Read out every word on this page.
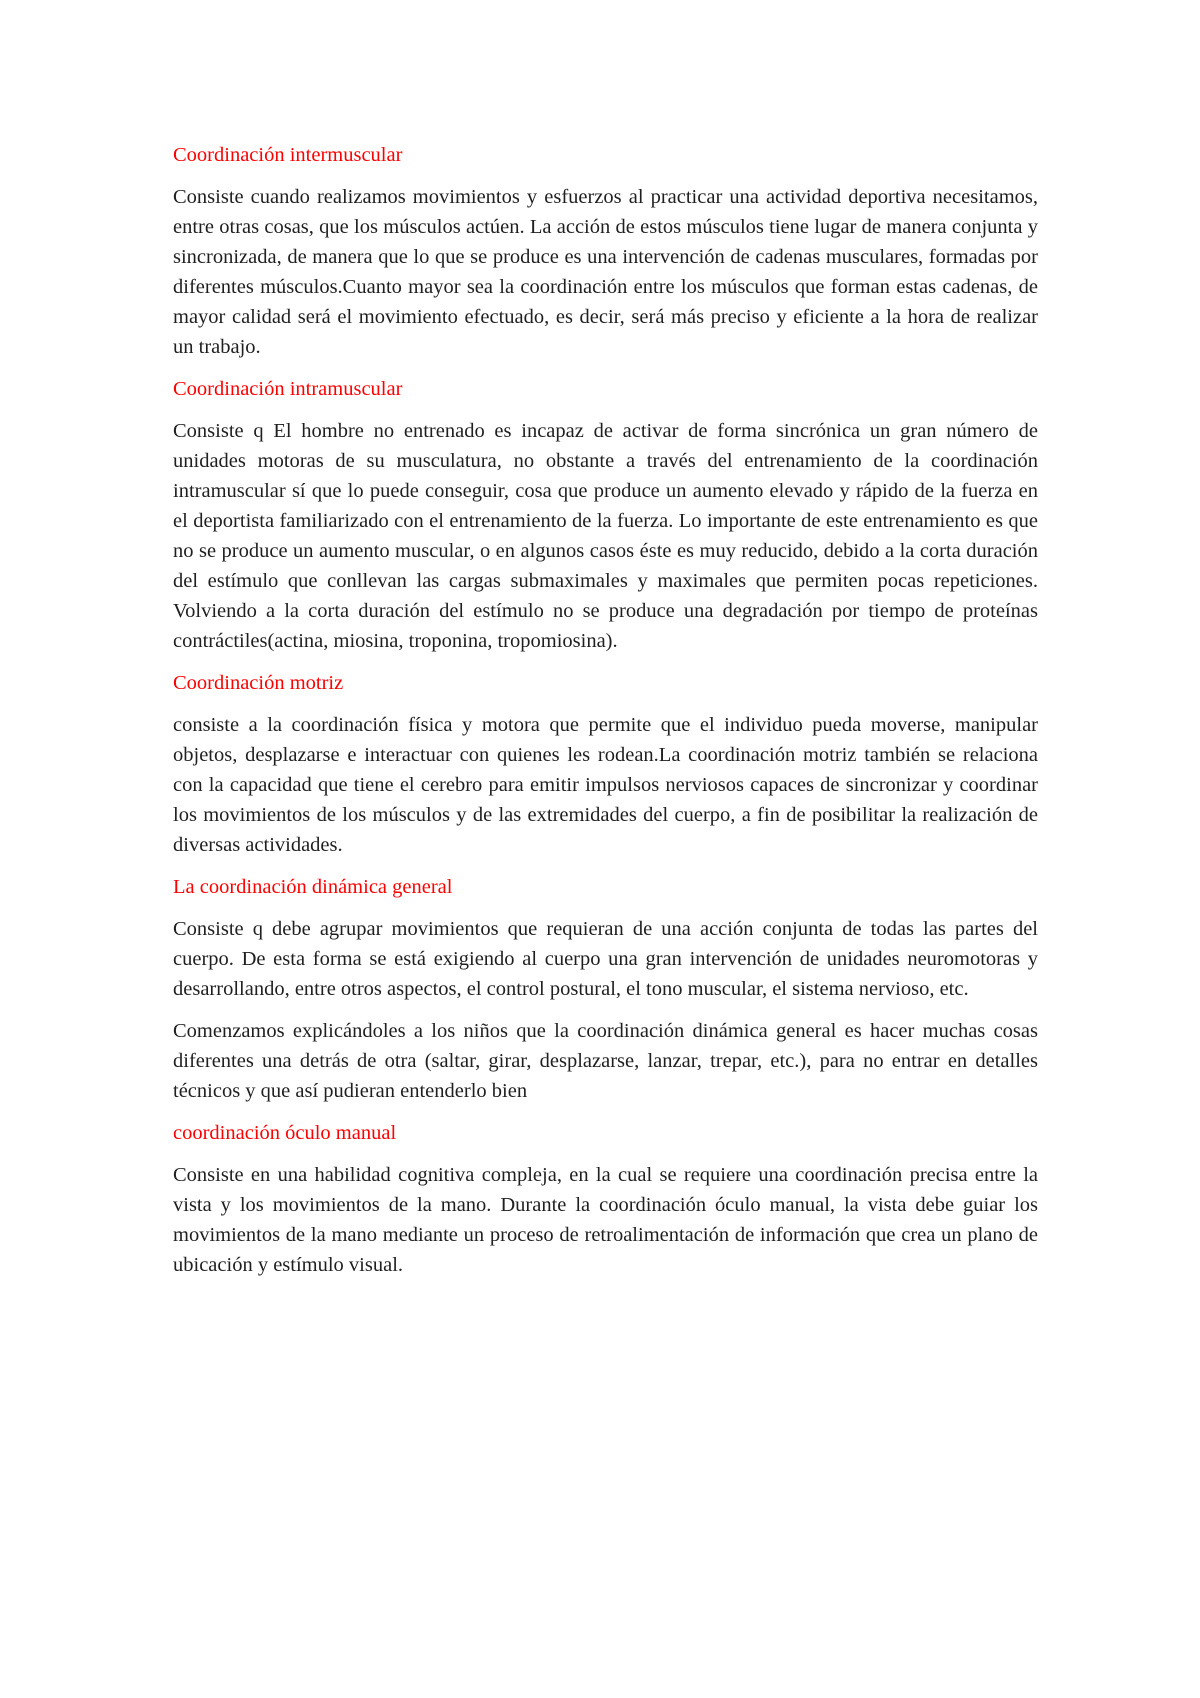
Coordinación intermuscular
Consiste cuando realizamos movimientos y esfuerzos al practicar una actividad deportiva necesitamos, entre otras cosas, que los músculos actúen. La acción de estos músculos tiene lugar de manera conjunta y sincronizada, de manera que lo que se produce es una intervención de cadenas musculares, formadas por diferentes músculos.Cuanto mayor sea la coordinación entre los músculos que forman estas cadenas, de mayor calidad será el movimiento efectuado, es decir, será más preciso y eficiente a la hora de realizar un trabajo.
Coordinación intramuscular
Consiste q El hombre no entrenado es incapaz de activar de forma sincrónica un gran número de unidades motoras de su musculatura, no obstante a través del entrenamiento de la coordinación intramuscular sí que lo puede conseguir, cosa que produce un aumento elevado y rápido de la fuerza en el deportista familiarizado con el entrenamiento de la fuerza. Lo importante de este entrenamiento es que no se produce un aumento muscular, o en algunos casos éste es muy reducido, debido a la corta duración del estímulo que conllevan las cargas submaximales y maximales que permiten pocas repeticiones. Volviendo a la corta duración del estímulo no se produce una degradación por tiempo de proteínas contráctiles(actina, miosina, troponina, tropomiosina).
Coordinación motriz
consiste a la coordinación física y motora que permite que el individuo pueda moverse, manipular objetos, desplazarse e interactuar con quienes les rodean.La coordinación motriz también se relaciona con la capacidad que tiene el cerebro para emitir impulsos nerviosos capaces de sincronizar y coordinar los movimientos de los músculos y de las extremidades del cuerpo, a fin de posibilitar la realización de diversas actividades.
La coordinación dinámica general
Consiste q debe agrupar movimientos que requieran de una acción conjunta de todas las partes del cuerpo. De esta forma se está exigiendo al cuerpo una gran intervención de unidades neuromotoras y desarrollando, entre otros aspectos, el control postural, el tono muscular, el sistema nervioso, etc.
Comenzamos explicándoles a los niños que la coordinación dinámica general es hacer muchas cosas diferentes una detrás de otra (saltar, girar, desplazarse, lanzar, trepar, etc.), para no entrar en detalles técnicos y que así pudieran entenderlo bien
coordinación óculo manual
Consiste en una habilidad cognitiva compleja, en la cual se requiere una coordinación precisa entre la vista y los movimientos de la mano. Durante la coordinación óculo manual, la vista debe guiar los movimientos de la mano mediante un proceso de retroalimentación de información que crea un plano de ubicación y estímulo visual.
